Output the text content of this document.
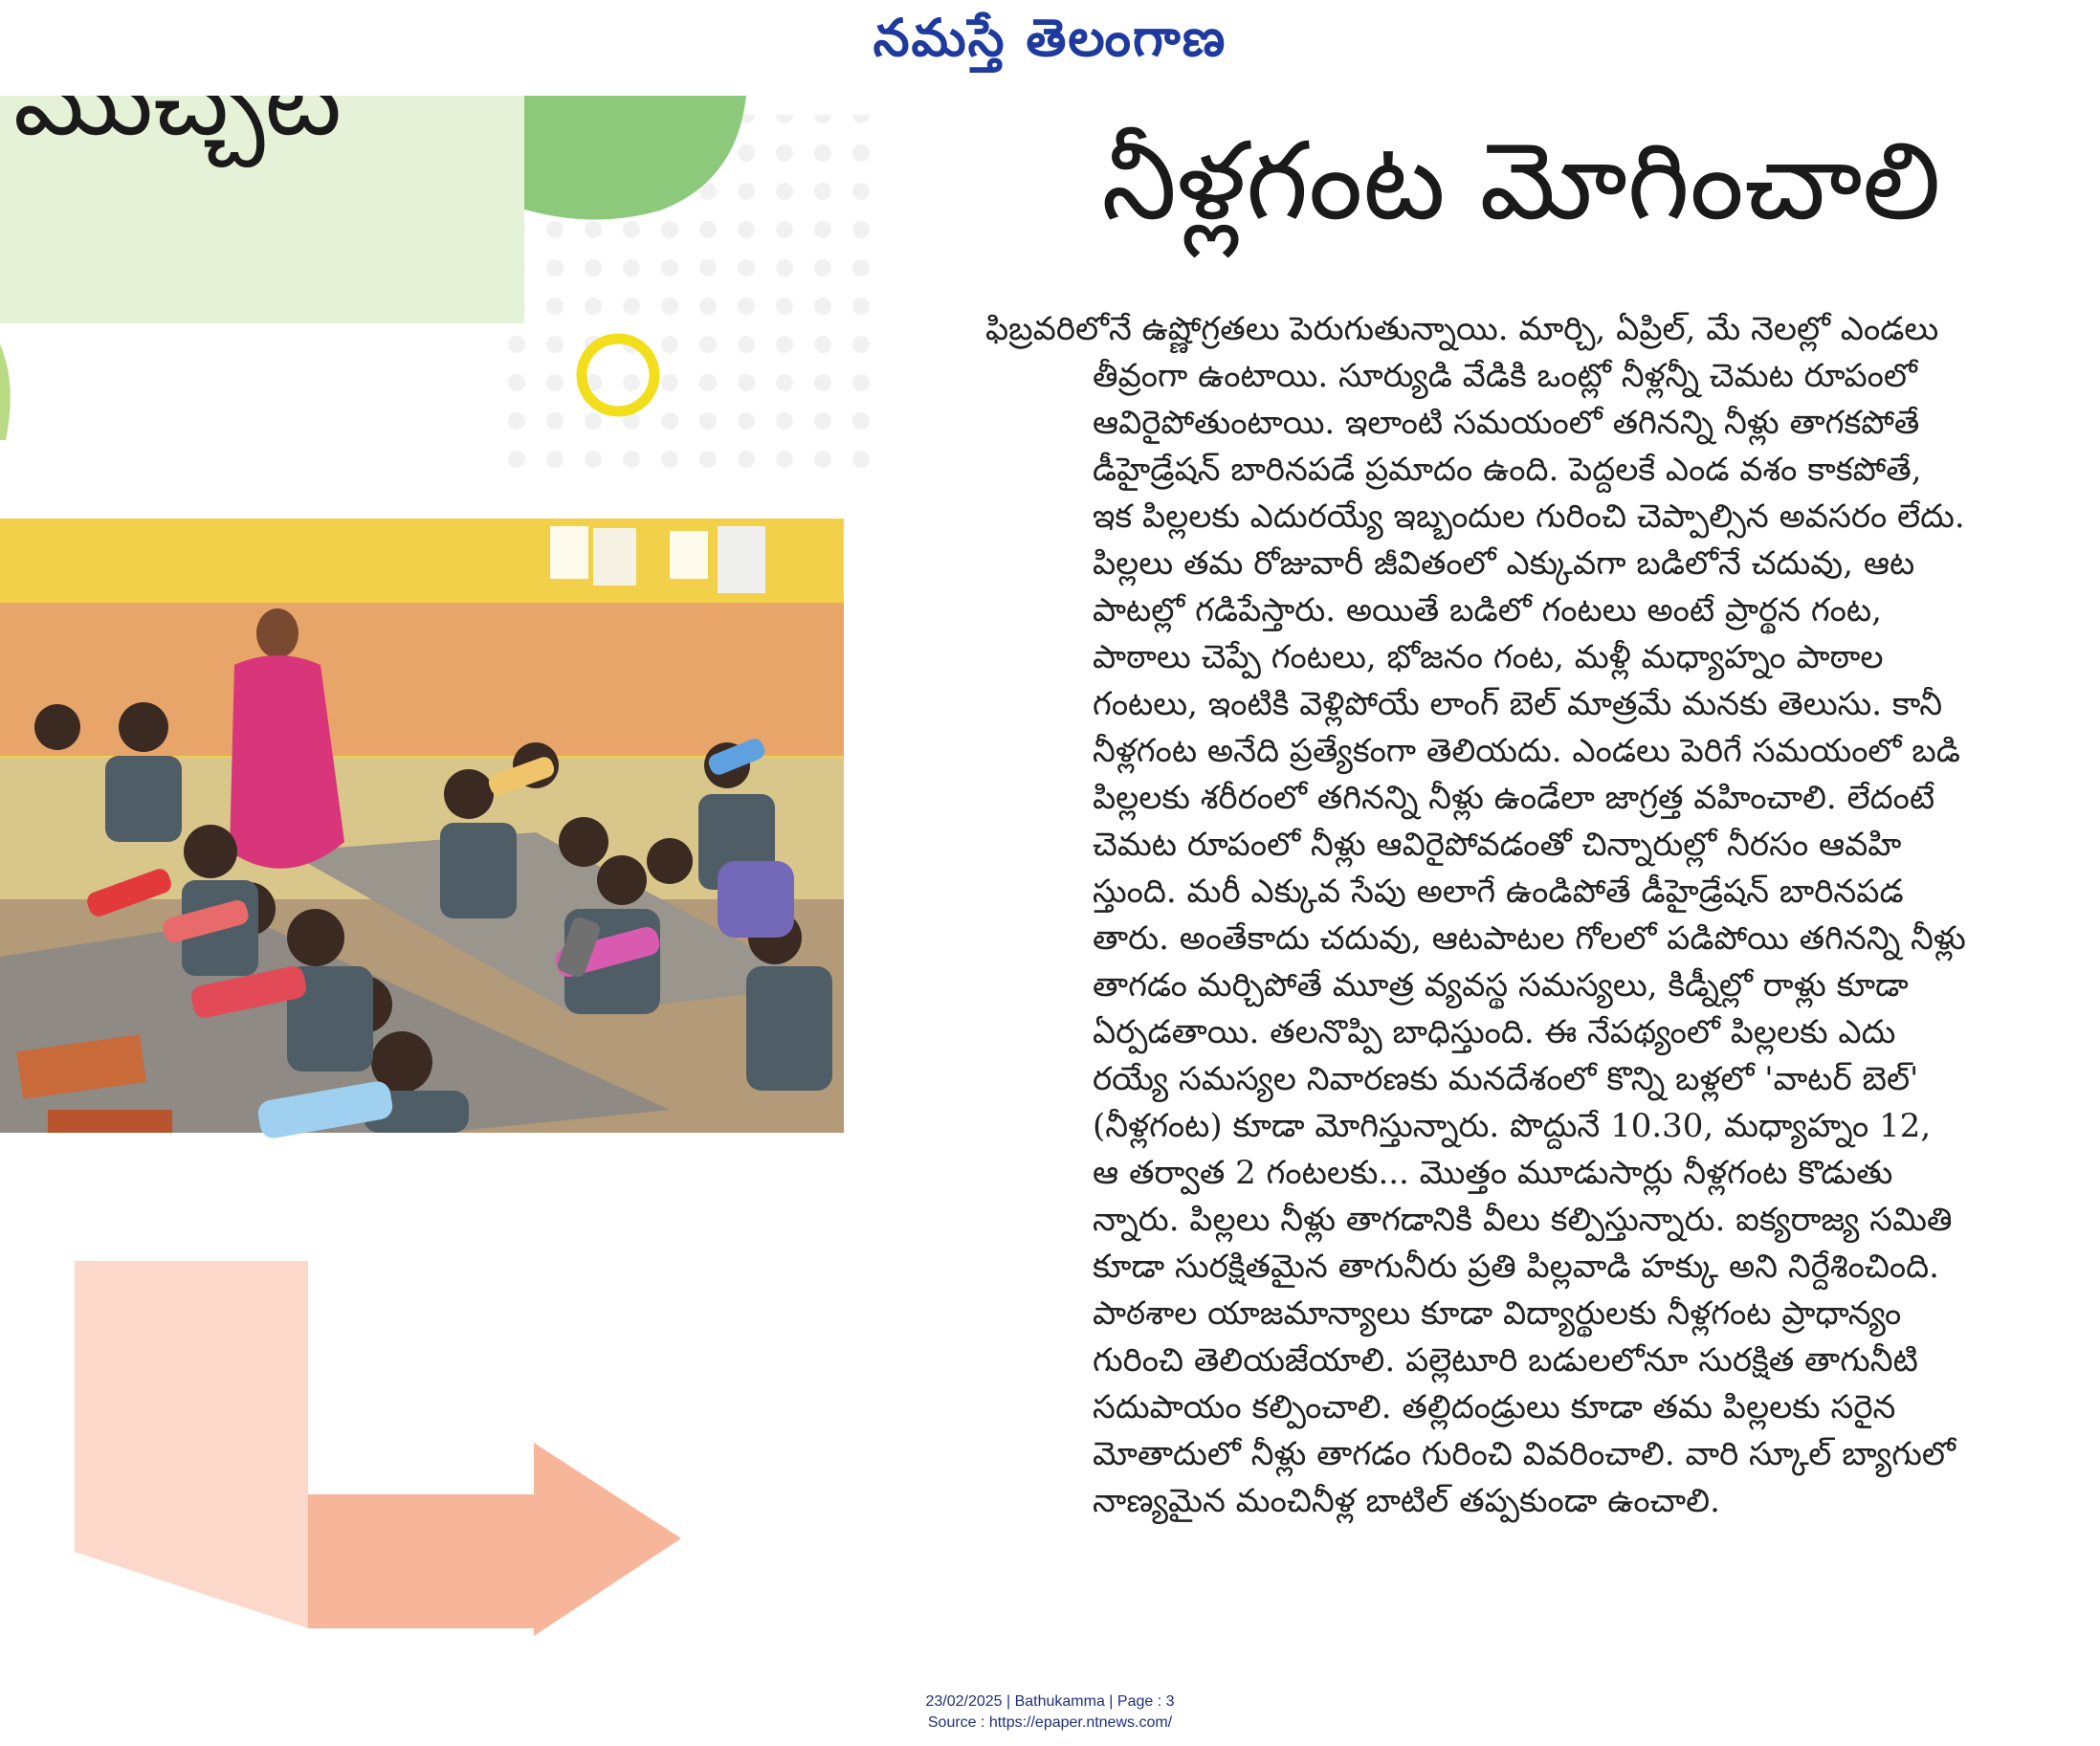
నమస్తే తెలంగాణ
ముచ్చట
నీళ్లగంట మోగించాలి
ఫిబ్రవరిలోనే ఉష్ణోగ్రతలు పెరుగుతున్నాయి. మార్చి, ఏప్రిల్, మే నెలల్లో ఎండలు
తీవ్రంగా ఉంటాయి. సూర్యుడి వేడికి ఒంట్లో నీళ్లన్నీ చెమట రూపంలో
ఆవిరైపోతుంటాయి. ఇలాంటి సమయంలో తగినన్ని నీళ్లు తాగకపోతే
డీహైడ్రేషన్ బారినపడే ప్రమాదం ఉంది. పెద్దలకే ఎండ వశం కాకపోతే,
ఇక పిల్లలకు ఎదురయ్యే ఇబ్బందుల గురించి చెప్పాల్సిన అవసరం లేదు.
పిల్లలు తమ రోజువారీ జీవితంలో ఎక్కువగా బడిలోనే చదువు, ఆట
పాటల్లో గడిపేస్తారు. అయితే బడిలో గంటలు అంటే ప్రార్థన గంట,
పాఠాలు చెప్పే గంటలు, భోజనం గంట, మళ్లీ మధ్యాహ్నం పాఠాల
గంటలు, ఇంటికి వెళ్లిపోయే లాంగ్ బెల్ మాత్రమే మనకు తెలుసు. కానీ
నీళ్లగంట అనేది ప్రత్యేకంగా తెలియదు. ఎండలు పెరిగే సమయంలో బడి
పిల్లలకు శరీరంలో తగినన్ని నీళ్లు ఉండేలా జాగ్రత్త వహించాలి. లేదంటే
చెమట రూపంలో నీళ్లు ఆవిరైపోవడంతో చిన్నారుల్లో నీరసం ఆవహి
స్తుంది. మరీ ఎక్కువ సేపు అలాగే ఉండిపోతే డీహైడ్రేషన్ బారినపడ
తారు. అంతేకాదు చదువు, ఆటపాటల గోలలో పడిపోయి తగినన్ని నీళ్లు
తాగడం మర్చిపోతే మూత్ర వ్యవస్థ సమస్యలు, కిడ్నీల్లో రాళ్లు కూడా
ఏర్పడతాయి. తలనొప్పి బాధిస్తుంది. ఈ నేపథ్యంలో పిల్లలకు ఎదు
రయ్యే సమస్యల నివారణకు మనదేశంలో కొన్ని బళ్లలో 'వాటర్ బెల్'
(నీళ్లగంట) కూడా మోగిస్తున్నారు. పొద్దునే 10.30, మధ్యాహ్నం 12,
ఆ తర్వాత 2 గంటలకు... మొత్తం మూడుసార్లు నీళ్లగంట కొడుతు
న్నారు. పిల్లలు నీళ్లు తాగడానికి వీలు కల్పిస్తున్నారు. ఐక్యరాజ్య సమితి
కూడా సురక్షితమైన తాగునీరు ప్రతి పిల్లవాడి హక్కు అని నిర్దేశించింది.
పాఠశాల యాజమాన్యాలు కూడా విద్యార్థులకు నీళ్లగంట ప్రాధాన్యం
గురించి తెలియజేయాలి. పల్లెటూరి బడులలోనూ సురక్షిత తాగునీటి
సదుపాయం కల్పించాలి. తల్లిదండ్రులు కూడా తమ పిల్లలకు సరైన
మోతాదులో నీళ్లు తాగడం గురించి వివరించాలి. వారి స్కూల్ బ్యాగులో
నాణ్యమైన మంచినీళ్ల బాటిల్ తప్పకుండా ఉంచాలి.
23/02/2025 | Bathukamma | Page : 3
Source : https://epaper.ntnews.com/
